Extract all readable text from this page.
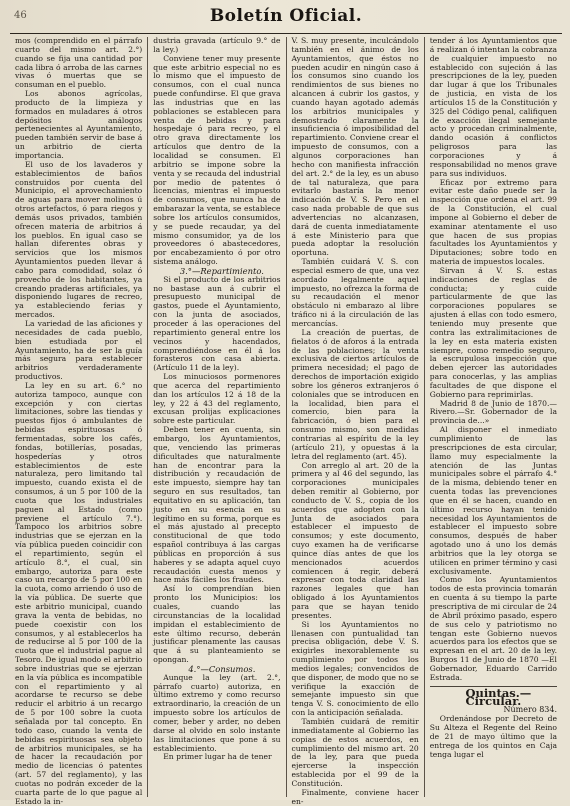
46	Boletín Oficial.

mos (comprendido en el párrafo cuarto del mismo art. 2.°) cuando se fija una cantidad por cada libra ó arroba de las carnes vivas ó muertas que se consuman en el pueblo.

Los abonos agrícolas, producto de la limpieza y formados en muladares á otros depósitos análogos pertenecientes al Ayuntamiento, pueden también servir de base á un arbitrio de cierta importancia.

El uso de los lavaderos y establecimientos de baños construidos por cuenta del Municipio, el aprovechamiento de aguas para mover molinos ú otros artefactos, ó para riegos y demás usos privados, también ofrecen materia de arbitrios á los pueblos. En igual caso se hallan diferentes obras y servicios que los mismos Ayuntamientos pueden llevar á cabo para comodidad, solaz ó provecho de los habitantes, ya creando praderas artificiales, ya disponiendo lugares de recreo, ya estableciendo ferias y mercados.

La variedad de las aficiones y necesidades de cada pueblo, bien estudiada por el Ayuntamiento, ha de ser la guía más segura para establecer arbitrios verdaderamente productivos.

La ley en su art. 6.° no autoriza tampoco, aunque con excepción y con ciertas limitaciones, sobre las tiendas y puestos fijos ó ambulantes de bebidas espirituosas ó fermentadas, sobre los cafés, fondas, botillerías, posadas, hospederías y otros establecimientos de este naturaleza, pero limitando tal impuesto, cuando exista el de consumos, á un 5 por 100 de la cuota que los industriales paguen al Estado (como previene el artículo 7.°). Tampoco los arbitrios sobre industrias que se ejerzan en la vía pública pueden coincidir con el repartimiento, según el artículo 8.°, el cual, sin embargo, autoriza para este caso un recargo de 5 por 100 en la cuota, como arriendo ó uso de la vía pública. De suerte que este arbitrio municipal, cuando grava la venta de bebidas, no puede coexistir con los consumos, y al establecerlos ha de reducirse al 5 por 100 de la cuota que el industrial pague al Tesoro. De igual modo el arbitrio sobre industrias que se ejerzan en la vía pública es incompatible con el repartimiento y al acordarse te recurso se debe reducir el arbitrio á un recargo de 5 por 100 sobre la cuota señalada por tal concepto. En todo caso, cuando la venta de bebidas espirituosas sea objeto de arbitrios municipales, se ha de hacer la recaudación por medio de licencias ó patentes (art. 57 del reglamento), y las cuotas no podrán exceder de la cuarta parte de lo que pague al Estado la in-

dustria gravada (artículo 9.° de la ley.)

Conviene tener muy presente que este arbitrio especial no es lo mismo que el impuesto de consumos, con el cual nunca puede confundirse. El que grava las industrias que en las poblaciones se establecen para venta de bebidas y para hospedaje ó para recreo, y el otro grava directamente los artículos que dentro de la localidad se consumen. El arbitrio se impone sobre la venta y se recauda del industrial por medio de patentes ó licencias, mientras el impuesto de consumos, que nunca ha de embarazar la venta, se establece sobre los artículos consumidos, y se puede recaudar, ya del mismo consumidor, ya de los proveedores ó abastecedores, por encabezamiento ó por otro sistema análogo.

3.°—Repartimiento.

Si el producto de los arbitrios no bastase aun á cubrir el presupuesto municipal de gastos, puede el Ayuntamiento, con la junta de asociados, proceder á las operaciones del repartimiento general entre los vecinos y hacendados, comprendiéndose en él á los forasteros con casa abierta. (Artículo 11 de la ley).

Los minuciosos pormenores que acerca del repartimiento dan los artículos 12 á 18 de la ley, y 22 á 43 del reglamento, excusan prolijas explicaciones sobre este particular.

Deben tener en cuenta, sin embargo, los Ayuntamientos, que, venciendo las primeras dificultades que naturalmente han de encontrar para la distribución y recaudación de este impuesto, siempre hay tan seguro en sus resultados, tan equitativo en su aplicación, tan justo en su esencia en su legítimo en su forma, porque es el más ajustado al precepto constitucional de que todo español contribuya á las cargas públicas en proporción á sus haberes y se adapta aquel cuyo recaudación cuesta menos y hace más fáciles los fraudes.

Así lo comprendían bien pronto los Municipios: los cuales, cuando las circunstancias de la localidad impidan el establecimiento de este último recurso, deberán justificar plenamente las causas que á su planteamiento se opongan.

4.°—Consumos.

Aunque la ley (art. 2.°, párrafo cuarto) autoriza, en último extremo y como recurso extraordinario, la creación de un impuesto sobre los artículos de comer, beber y arder, no deben darse al olvido en solo instante las limitaciones que pone á su establecimiento.

En primer lugar ha de tener

V. S. muy presente, inculcándolo también en el ánimo de los Ayuntamientos, que éstos no pueden acudir en ningún caso á los consumos sino cuando los rendimientos de sus bienes no alcancen á cubrir los gastos, y cuando hayan agotado además los arbitrios municipales y demostrado claramente la insuficiencia ó imposibilidad del repartimiento. Conviene crear el impuesto de consumos, con a algunos corporaciones han hecho con manifiesta infracción del art. 2.° de la ley, es un abuso de tal naturaleza, que para evitarlo bastaría la menor indicación de V. S. Pero en el caso nada probable de que sus advertencias no alcanzasen, dará de cuenta inmediatamente á este Ministerio para que pueda adoptar la resolución oportuna.

También cuidará V. S. con especial esmero de que, una vez acordado legalmente aquel impuesto, no ofrezca la forma de su recaudación el menor obstáculo ni embarazo al libre tráfico ni á la circulación de las mercancías.

La creación de puertas, de fielatos ó de aforos á la entrada de las poblaciones; la venta exclusiva de ciertos artículos de primera necesidad; el pago de derechos de importación exigido sobre los géneros extranjeros ó coloniales que se introducen en la localidad, bien para el comercio, bien para la fabricación, ó bien para el consumo mismo, son medidas contrarias al espíritu de la ley (artículo 21), y opuestas á la letra del reglamento (art. 45).

Con arreglo al art. 20 de la primera y al 46 del segundo, las corporaciones municipales deben remitir al Gobierno, por conducto de V. S., copia de los acuerdos que adopten con la Junta de asociados para establecer el impuesto de consumos; y este documento, cuyo examen ha de verificarse quince días antes de que los mencionados acuerdos comiencen á regir, deberá expresar con toda claridad las razones legales que han obligado á los Ayuntamientos para que se hayan tenido presentes.

Si los Ayuntamientos no llenasen con puntualidad tan precisa obligación, debe V. S. exigirles inexorablemente su cumplimiento por todos los medios legales; convencidos de que disponer, de modo que no se verifique la exacción de semejante impuesto sin que tenga V. S. conocimiento de ello con la anticipación señalada.

También cuidará de remitir inmediatamente al Gobierno las copias de estos acuerdos, en cumplimiento del mismo art. 20 de la ley, para que pueda ejercerse la inspección establecida por el 99 de la Constitución.

Finalmente, conviene hacer en-

tender á los Ayuntamientos que á realizan ó intentan la cobranza de cualquier impuesto no establecido con sujeción á las prescripciones de la ley, pueden dar lugar á que los Tribunales de justicia, en vista de los artículos 15 de la Constitución y 325 del Código penal, califiquen de exacción ilegal semejante acto y procedan criminalmente, dando ocasión á conflictos peligrosos para las corporaciones y á responsabilidad no menos grave para sus individuos.

Eficaz por extremo para evitar este daño puede ser la inspección que ordena el art. 99 de la Constitución, el cual impone al Gobierno el deber de examinar atentamente el uso que hacen de sus propias facultades los Ayuntamientos y Diputaciones; sobre todo en materia de impuestos locales.

Sirvan á V. S. estas indicaciones de reglas de conducta; y cuide particularmente de que las corporaciones populares se ajusten á ellas con todo esmero, teniendo muy presente que contra las extralimitaciones de la ley en esta materia existen siempre, como remedio seguro, la escrupulosa inspección que deben ejercer las autoridades para conocerlas, y las amplias facultades de que dispone el Gobierno para reprimirlas.

Madrid 8 de Junio de 1870.— Rivero.—Sr. Gobernador de la provincia de...»

Al disponer el inmediato cumplimiento de las prescripciones de esta circular, llamo muy especialmente la atención de las Juntas municipales sobre el párrafo 4.° de la misma, debiendo tener en cuenta todas las prevenciones que en él se hacen, cuando en último recurso hayan tenido necesidad los Ayuntamientos de establecer el impuesto sobre consumos, después de haber agotado uno á uno los demás arbitrios que la ley otorga se utilicen en primer término y casi exclusivamente.

Como los Ayuntamientos todos de esta provincia tomarán en cuenta á su tiempo la parte prescriptiva de mi circular de 24 de Abril próximo pasado, espero de sus celo y patriotismo no tengan este Gobierno nuevos acuerdos para los efectos que se expresan en el art. 20 de la ley. Burgos 11 de Junio de 1870 —El Gobernador, Eduardo Carrido Estrada.

Quintas.—Circular.

Número 834.

Ordenándose por Decreto de Su Alteza el Regente del Reino de 21 de mayo último que la entrega de los quintos en Caja tenga lugar el
